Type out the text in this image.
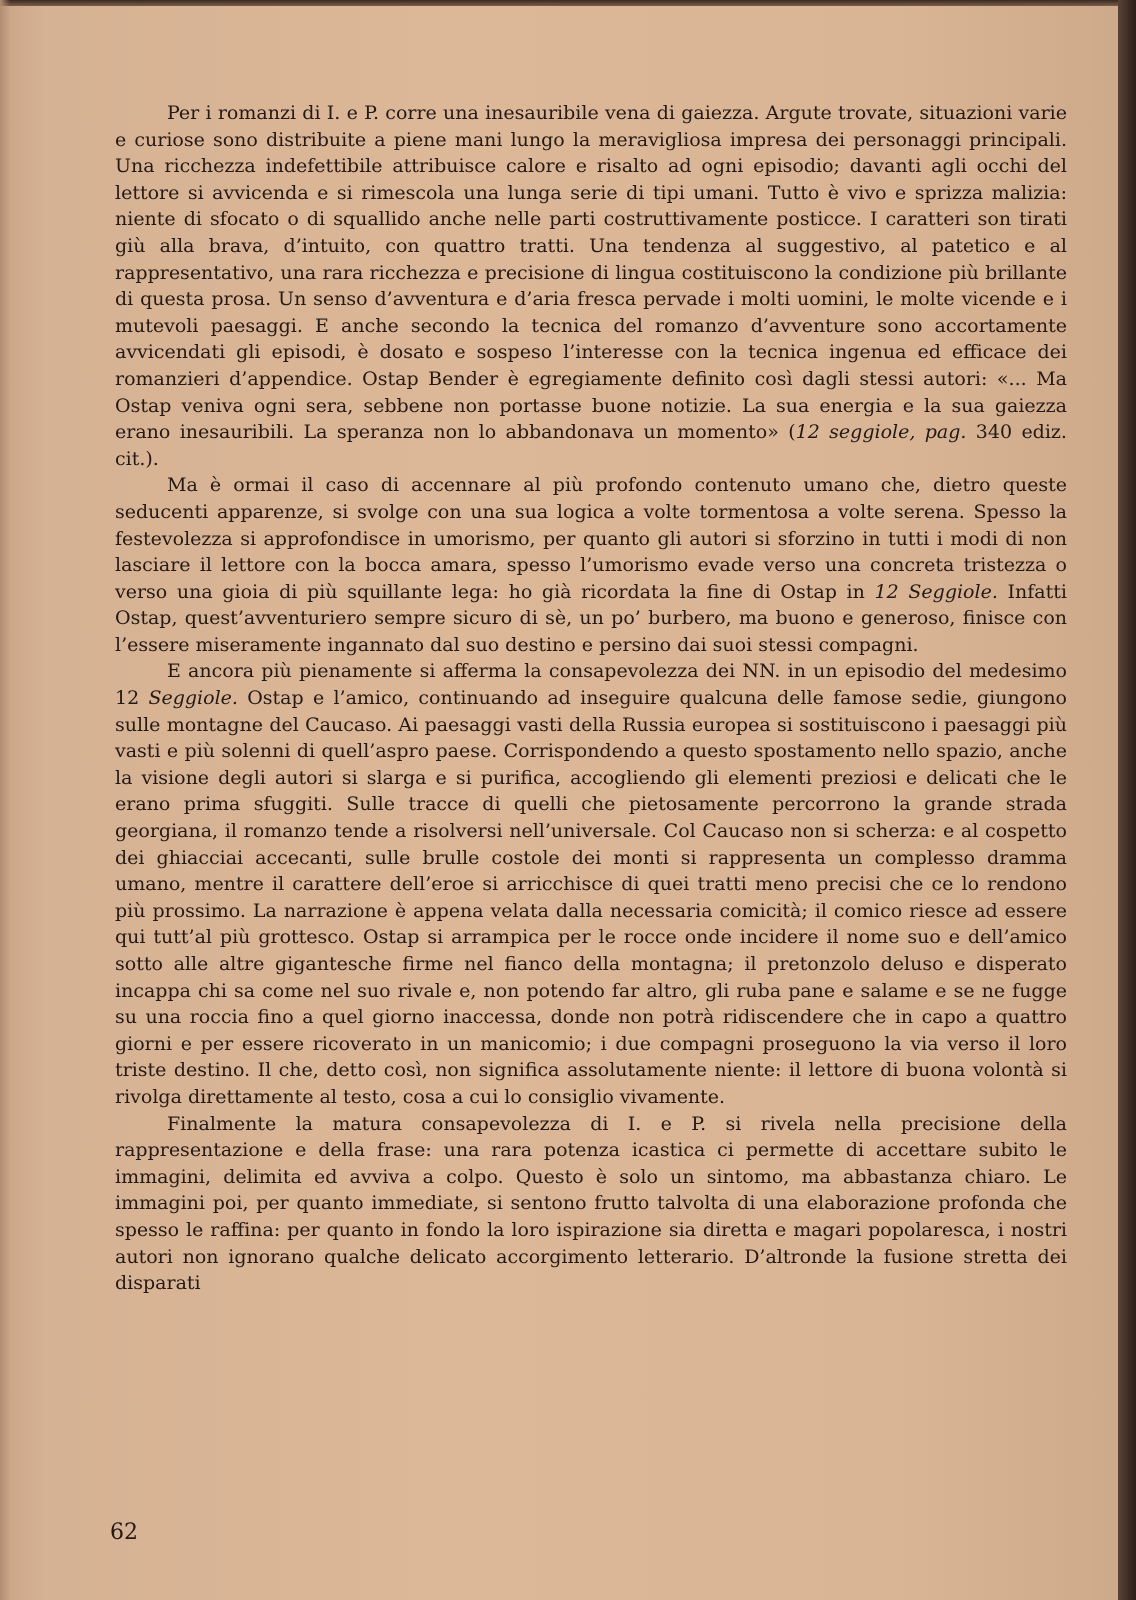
Per i romanzi di I. e P. corre una inesauribile vena di gaiezza. Argute trovate, situazioni varie e curiose sono distribuite a piene mani lungo la meravigliosa impresa dei personaggi principali. Una ricchezza indefettibile attribuisce calore e risalto ad ogni episodio; davanti agli occhi del lettore si avvicenda e si rimescola una lunga serie di tipi umani. Tutto è vivo e sprizza malizia: niente di sfocato o di squallido anche nelle parti costruttivamente posticce. I caratteri son tirati giù alla brava, d’intuito, con quattro tratti. Una tendenza al suggestivo, al patetico e al rappresentativo, una rara ricchezza e precisione di lingua costituiscono la condizione più brillante di questa prosa. Un senso d’avventura e d’aria fresca pervade i molti uomini, le molte vicende e i mutevoli paesaggi. E anche secondo la tecnica del romanzo d’avventure sono accortamente avvicendati gli episodi, è dosato e sospeso l’interesse con la tecnica ingenua ed efficace dei romanzieri d’appendice. Ostap Bender è egregiamente definito così dagli stessi autori: «... Ma Ostap veniva ogni sera, sebbene non portasse buone notizie. La sua energia e la sua gaiezza erano inesauribili. La speranza non lo abbandonava un momento» (12 seggiole, pag. 340 ediz. cit.).

Ma è ormai il caso di accennare al più profondo contenuto umano che, dietro queste seducenti apparenze, si svolge con una sua logica a volte tormentosa a volte serena. Spesso la festevolezza si approfondisce in umorismo, per quanto gli autori si sforzino in tutti i modi di non lasciare il lettore con la bocca amara, spesso l’umorismo evade verso una concreta tristezza o verso una gioia di più squillante lega: ho già ricordata la fine di Ostap in 12 Seggiole. Infatti Ostap, quest’avventuriero sempre sicuro di sè, un po’ burbero, ma buono e generoso, finisce con l’essere miseramente ingannato dal suo destino e persino dai suoi stessi compagni.

E ancora più pienamente si afferma la consapevolezza dei NN. in un episodio del medesimo 12 Seggiole. Ostap e l’amico, continuando ad inseguire qualcuna delle famose sedie, giungono sulle montagne del Caucaso. Ai paesaggi vasti della Russia europea si sostituiscono i paesaggi più vasti e più solenni di quell’aspro paese. Corrispondendo a questo spostamento nello spazio, anche la visione degli autori si slarga e si purifica, accogliendo gli elementi preziosi e delicati che le erano prima sfuggiti. Sulle tracce di quelli che pietosamente percorrono la grande strada georgiana, il romanzo tende a risolversi nell’universale. Col Caucaso non si scherza: e al cospetto dei ghiacciai accecanti, sulle brulle costole dei monti si rappresenta un complesso dramma umano, mentre il carattere dell’eroe si arricchisce di quei tratti meno precisi che ce lo rendono più prossimo. La narrazione è appena velata dalla necessaria comicità; il comico riesce ad essere qui tutt’al più grottesco. Ostap si arrampica per le rocce onde incidere il nome suo e dell’amico sotto alle altre gigantesche firme nel fianco della montagna; il pretonzolo deluso e disperato incappa chi sa come nel suo rivale e, non potendo far altro, gli ruba pane e salame e se ne fugge su una roccia fino a quel giorno inaccessa, donde non potrà ridiscendere che in capo a quattro giorni e per essere ricoverato in un manicomio; i due compagni proseguono la via verso il loro triste destino. Il che, detto così, non significa assolutamente niente: il lettore di buona volontà si rivolga direttamente al testo, cosa a cui lo consiglio vivamente.

Finalmente la matura consapevolezza di I. e P. si rivela nella precisione della rappresentazione e della frase: una rara potenza icastica ci permette di accettare subito le immagini, delimita ed avviva a colpo. Questo è solo un sintomo, ma abbastanza chiaro. Le immagini poi, per quanto immediate, si sentono frutto talvolta di una elaborazione profonda che spesso le raffina: per quanto in fondo la loro ispirazione sia diretta e magari popolaresca, i nostri autori non ignorano qualche delicato accorgimento letterario. D’altronde la fusione stretta dei disparati

62
